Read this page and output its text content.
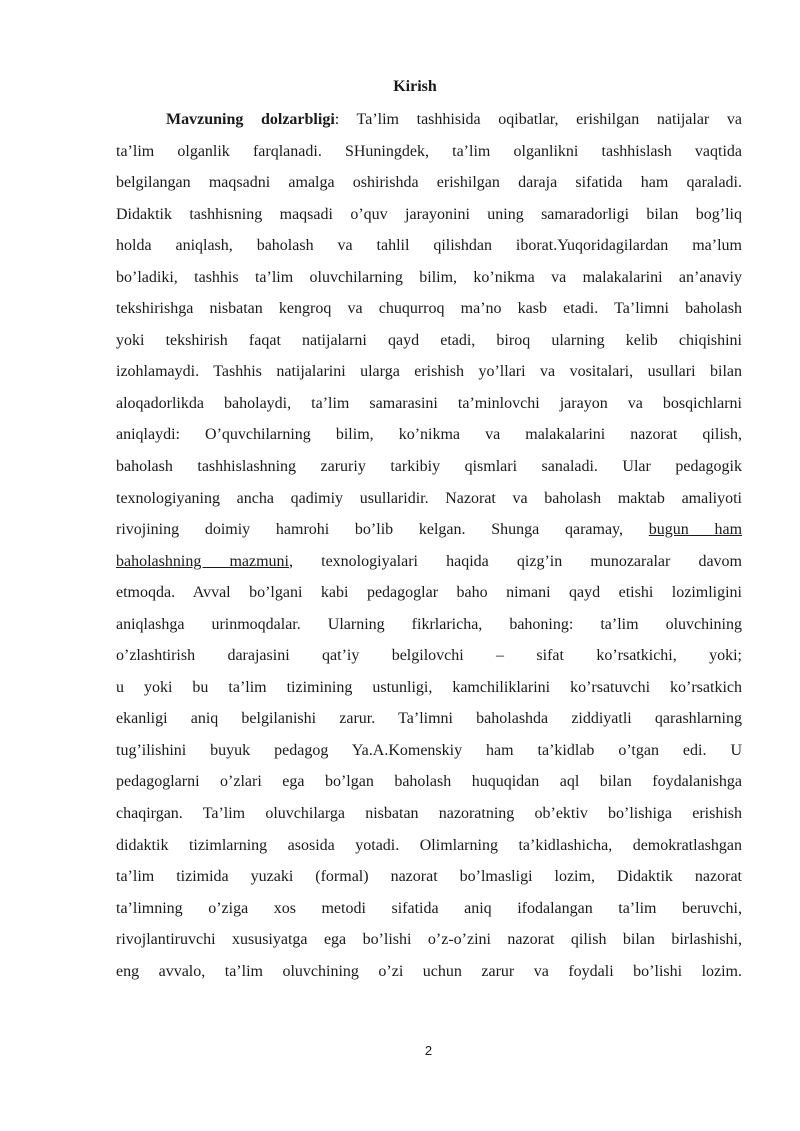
Kirish
Mavzuning dolzarbligi: Ta’lim tashhisida oqibatlar, erishilgan natijalar va
ta’lim olganlik farqlanadi. SHuningdek, ta’lim olganlikni tashhislash vaqtida
belgilangan maqsadni amalga oshirishda erishilgan daraja sifatida ham qaraladi.
Didaktik tashhisning maqsadi o’quv jarayonini uning samaradorligi bilan bog’liq
holda aniqlash, baholash va tahlil qilishdan iborat.Yuqoridagilardan ma’lum
bo’ladiki, tashhis ta’lim oluvchilarning bilim, ko’nikma va malakalarini an’anaviy
tekshirishga nisbatan kengroq va chuqurroq ma’no kasb etadi. Ta’limni baholash
yoki tekshirish faqat natijalarni qayd etadi, biroq ularning kelib chiqishini
izohlamaydi. Tashhis natijalarini ularga erishish yo’llari va vositalari, usullari bilan
aloqadorlikda baholaydi, ta’lim samarasini ta’minlovchi jarayon va bosqichlarni
aniqlaydi: O’quvchilarning bilim, ko’nikma va malakalarini nazorat qilish,
baholash tashhislashning zaruriy tarkibiy qismlari sanaladi. Ular pedagogik
texnologiyaning ancha qadimiy usullaridir. Nazorat va baholash maktab amaliyoti
rivojining doimiy hamrohi bo’lib kelgan. Shunga qaramay, bugun ham
baholashning mazmuni, texnologiyalari haqida qizg’in munozaralar davom
etmoqda. Avval bo’lgani kabi pedagoglar baho nimani qayd etishi lozimligini
aniqlashga urinmoqdalar. Ularning fikrlaricha, bahoning: ta’lim oluvchining
o’zlashtirish darajasini qat’iy belgilovchi – sifat ko’rsatkichi, yoki;
u yoki bu ta’lim tizimining ustunligi, kamchiliklarini ko’rsatuvchi ko’rsatkich
ekanligi aniq belgilanishi zarur. Ta’limni baholashda ziddiyatli qarashlarning
tug’ilishini buyuk pedagog Ya.A.Komenskiy ham ta’kidlab o’tgan edi. U
pedagoglarni o’zlari ega bo’lgan baholash huquqidan aql bilan foydalanishga
chaqirgan. Ta’lim oluvchilarga nisbatan nazoratning ob’ektiv bo’lishiga erishish
didaktik tizimlarning asosida yotadi. Olimlarning ta’kidlashicha, demokratlashgan
ta’lim tizimida yuzaki (formal) nazorat bo’lmasligi lozim, Didaktik nazorat
ta’limning o’ziga xos metodi sifatida aniq ifodalangan ta’lim beruvchi,
rivojlantiruvchi xususiyatga ega bo’lishi o’z-o’zini nazorat qilish bilan birlashishi,
eng avvalo, ta’lim oluvchining o’zi uchun zarur va foydali bo’lishi lozim.
2
